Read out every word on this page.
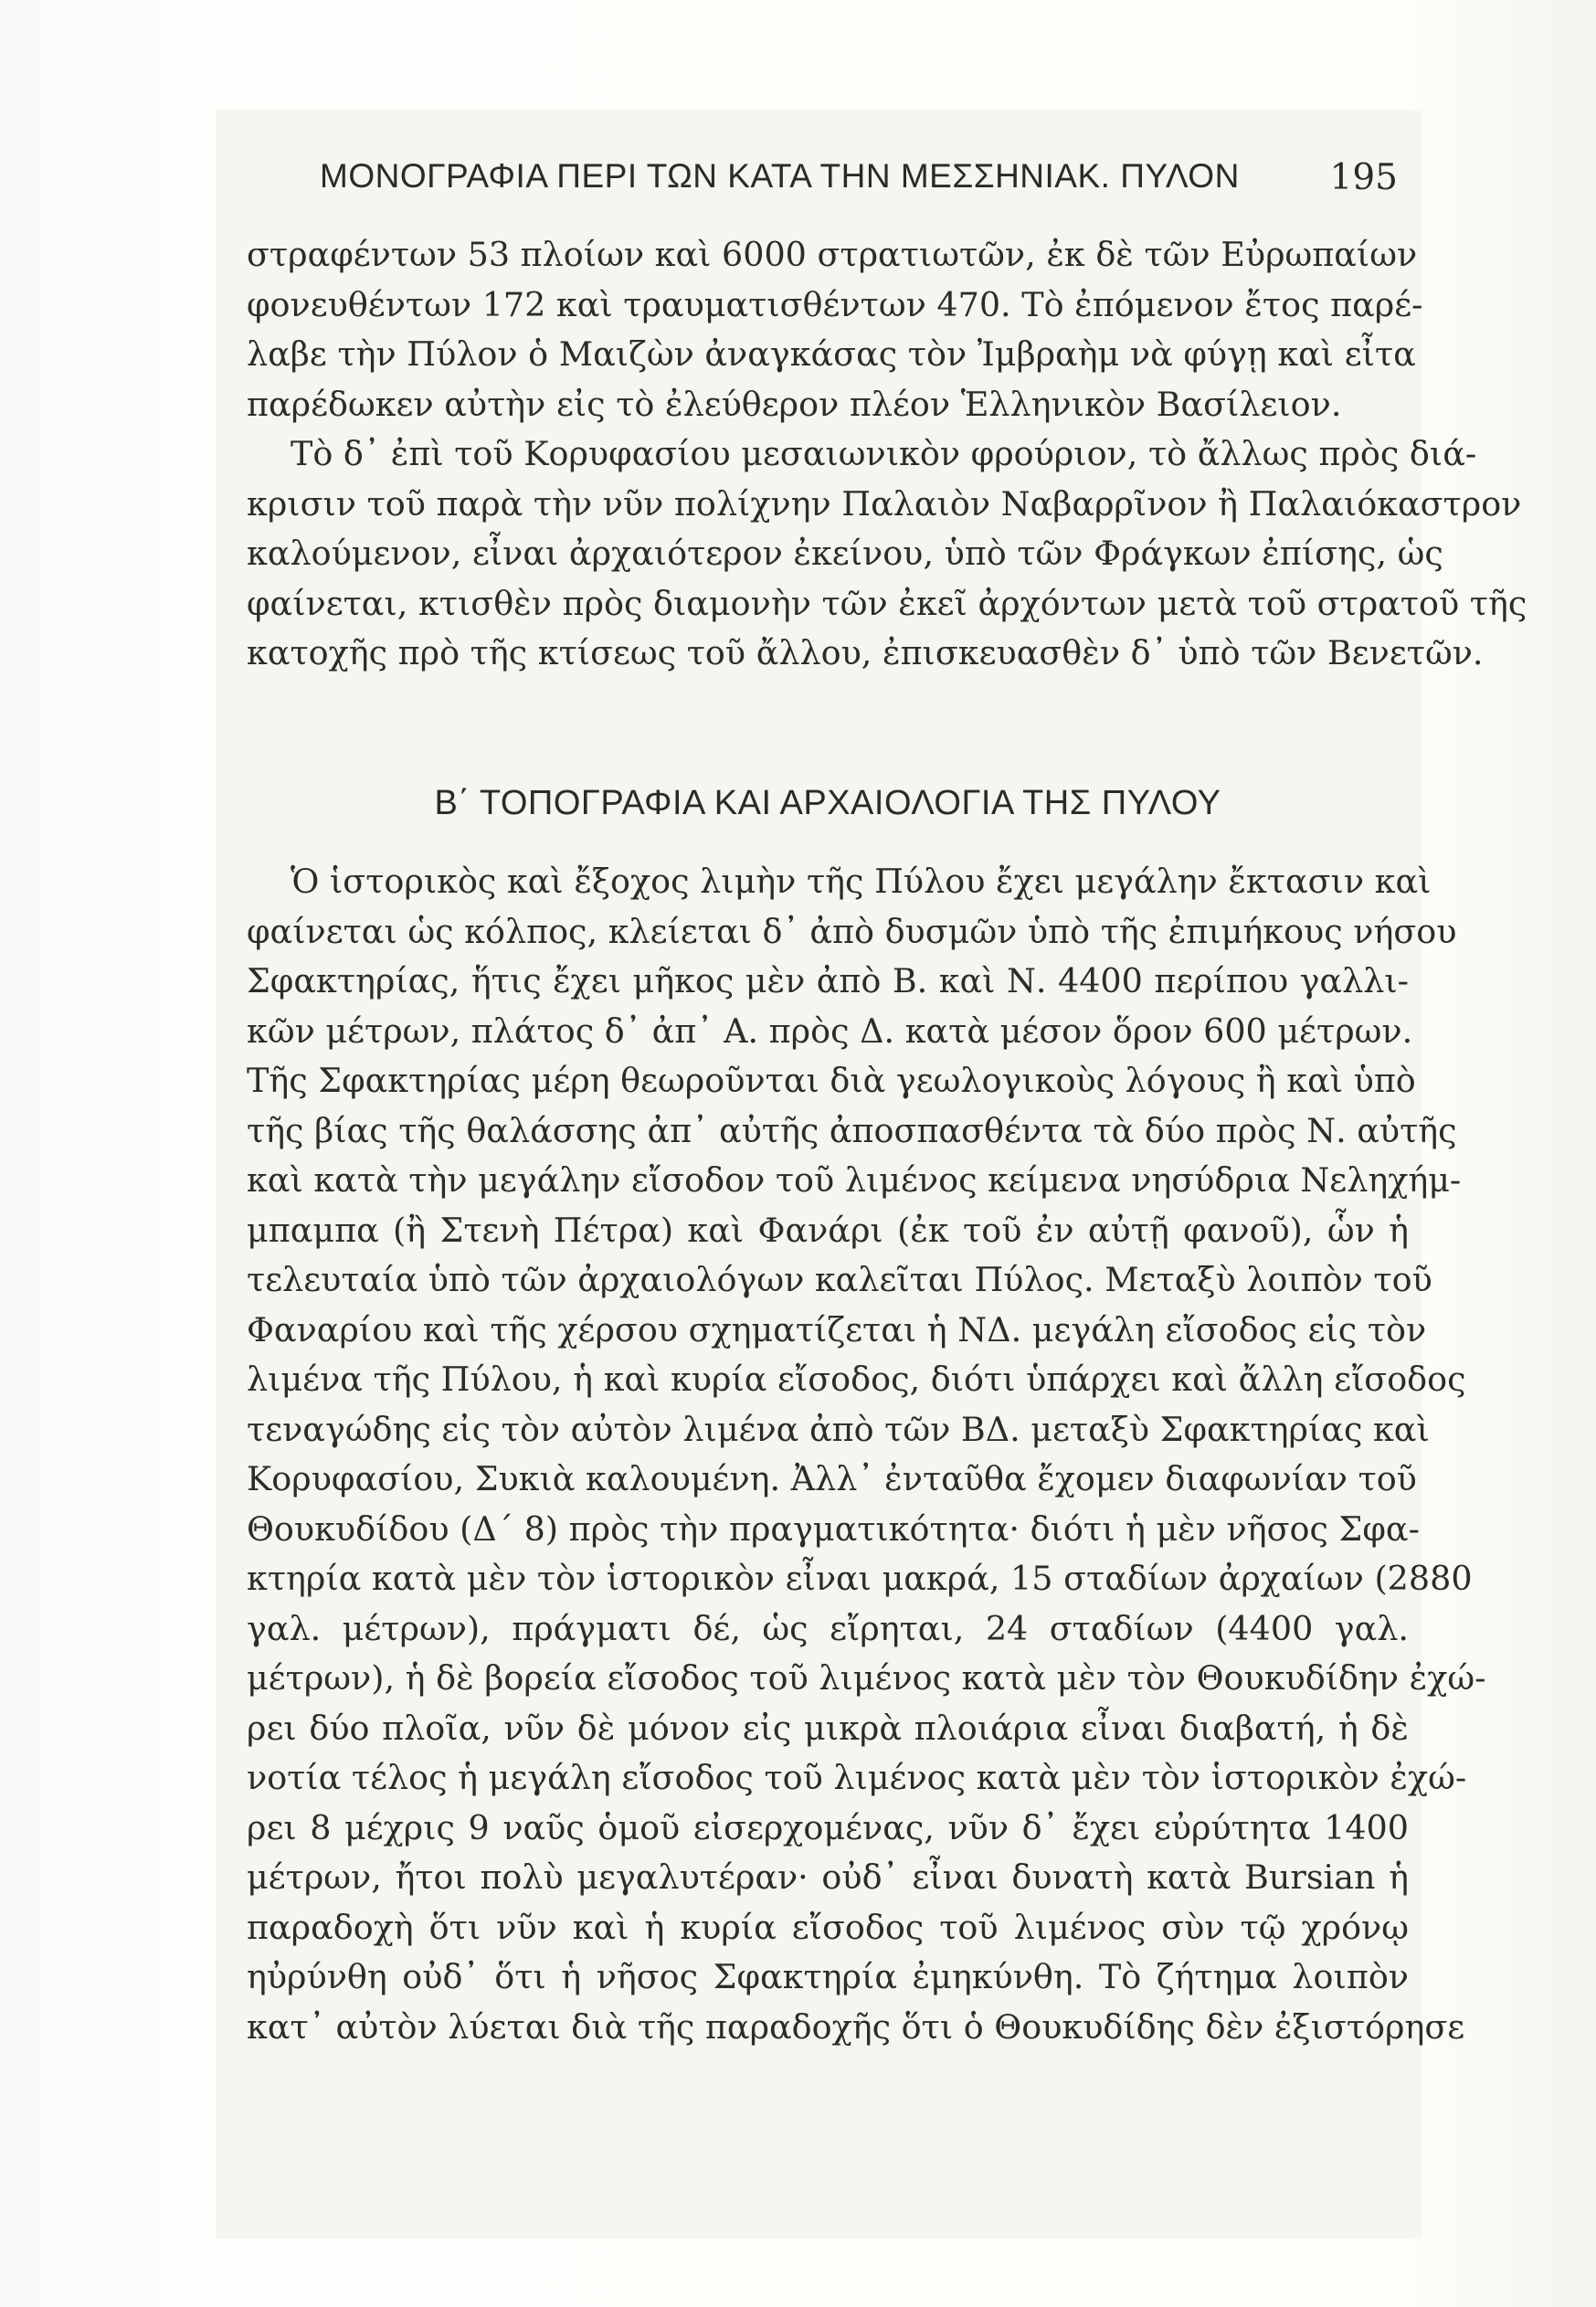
ΜΟΝΟΓΡΑΦΙΑ ΠΕΡΙ ΤΩΝ ΚΑΤΑ ΤΗΝ ΜΕΣΣΗΝΙΑΚ. ΠΥΛΟΝ	195
στραφέντων 53 πλοίων καὶ 6000 στρατιωτῶν, ἐκ δὲ τῶν Εὐρωπαίων
φονευθέντων 172 καὶ τραυματισθέντων 470. Τὸ ἐπόμενον ἔτος παρέ-
λαβε τὴν Πύλον ὁ Μαιζὼν ἀναγκάσας τὸν Ἰμβραὴμ νὰ φύγῃ καὶ εἶτα
παρέδωκεν αὐτὴν εἰς τὸ ἐλεύθερον πλέον Ἑλληνικὸν Βασίλειον.
Τὸ δ᾽ ἐπὶ τοῦ Κορυφασίου μεσαιωνικὸν φρούριον, τὸ ἄλλως πρὸς διά-
κρισιν τοῦ παρὰ τὴν νῦν πολίχνην Παλαιὸν Ναβαρρῖνον ἢ Παλαιόκαστρον
καλούμενον, εἶναι ἀρχαιότερον ἐκείνου, ὑπὸ τῶν Φράγκων ἐπίσης, ὡς
φαίνεται, κτισθὲν πρὸς διαμονὴν τῶν ἐκεῖ ἀρχόντων μετὰ τοῦ στρατοῦ τῆς
κατοχῆς πρὸ τῆς κτίσεως τοῦ ἄλλου, ἐπισκευασθὲν δ᾽ ὑπὸ τῶν Βενετῶν.
Β΄ ΤΟΠΟΓΡΑΦΙΑ ΚΑΙ ΑΡΧΑΙΟΛΟΓΙΑ ΤΗΣ ΠΥΛΟΥ
Ὁ ἱστορικὸς καὶ ἔξοχος λιμὴν τῆς Πύλου ἔχει μεγάλην ἔκτασιν καὶ
φαίνεται ὡς κόλπος, κλείεται δ᾽ ἀπὸ δυσμῶν ὑπὸ τῆς ἐπιμήκους νήσου
Σφακτηρίας, ἥτις ἔχει μῆκος μὲν ἀπὸ Β. καὶ Ν. 4400 περίπου γαλλι-
κῶν μέτρων, πλάτος δ᾽ ἀπ᾽ Α. πρὸς Δ. κατὰ μέσον ὅρον 600 μέτρων.
Τῆς Σφακτηρίας μέρη θεωροῦνται διὰ γεωλογικοὺς λόγους ἢ καὶ ὑπὸ
τῆς βίας τῆς θαλάσσης ἀπ᾽ αὐτῆς ἀποσπασθέντα τὰ δύο πρὸς Ν. αὐτῆς
καὶ κατὰ τὴν μεγάλην εἴσοδον τοῦ λιμένος κείμενα νησύδρια Νεληχήμ-
μπαμπα (ἢ Στενὴ Πέτρα) καὶ Φανάρι (ἐκ τοῦ ἐν αὐτῇ φανοῦ), ὧν ἡ
τελευταία ὑπὸ τῶν ἀρχαιολόγων καλεῖται Πύλος. Μεταξὺ λοιπὸν τοῦ
Φαναρίου καὶ τῆς χέρσου σχηματίζεται ἡ ΝΔ. μεγάλη εἴσοδος εἰς τὸν
λιμένα τῆς Πύλου, ἡ καὶ κυρία εἴσοδος, διότι ὑπάρχει καὶ ἄλλη εἴσοδος
τεναγώδης εἰς τὸν αὐτὸν λιμένα ἀπὸ τῶν ΒΔ. μεταξὺ Σφακτηρίας καὶ
Κορυφασίου, Συκιὰ καλουμένη. Ἀλλ᾽ ἐνταῦθα ἔχομεν διαφωνίαν τοῦ
Θουκυδίδου (Δ΄ 8) πρὸς τὴν πραγματικότητα· διότι ἡ μὲν νῆσος Σφα-
κτηρία κατὰ μὲν τὸν ἱστορικὸν εἶναι μακρά, 15 σταδίων ἀρχαίων (2880
γαλ. μέτρων), πράγματι δέ, ὡς εἴρηται, 24 σταδίων (4400 γαλ.
μέτρων), ἡ δὲ βορεία εἴσοδος τοῦ λιμένος κατὰ μὲν τὸν Θουκυδίδην ἐχώ-
ρει δύο πλοῖα, νῦν δὲ μόνον εἰς μικρὰ πλοιάρια εἶναι διαβατή, ἡ δὲ
νοτία τέλος ἡ μεγάλη εἴσοδος τοῦ λιμένος κατὰ μὲν τὸν ἱστορικὸν ἐχώ-
ρει 8 μέχρις 9 ναῦς ὁμοῦ εἰσερχομένας, νῦν δ᾽ ἔχει εὐρύτητα 1400
μέτρων, ἤτοι πολὺ μεγαλυτέραν· οὐδ᾽ εἶναι δυνατὴ κατὰ Bursian ἡ
παραδοχὴ ὅτι νῦν καὶ ἡ κυρία εἴσοδος τοῦ λιμένος σὺν τῷ χρόνῳ
ηὐρύνθη οὐδ᾽ ὅτι ἡ νῆσος Σφακτηρία ἐμηκύνθη. Τὸ ζήτημα λοιπὸν
κατ᾽ αὐτὸν λύεται διὰ τῆς παραδοχῆς ὅτι ὁ Θουκυδίδης δὲν ἐξιστόρησε
